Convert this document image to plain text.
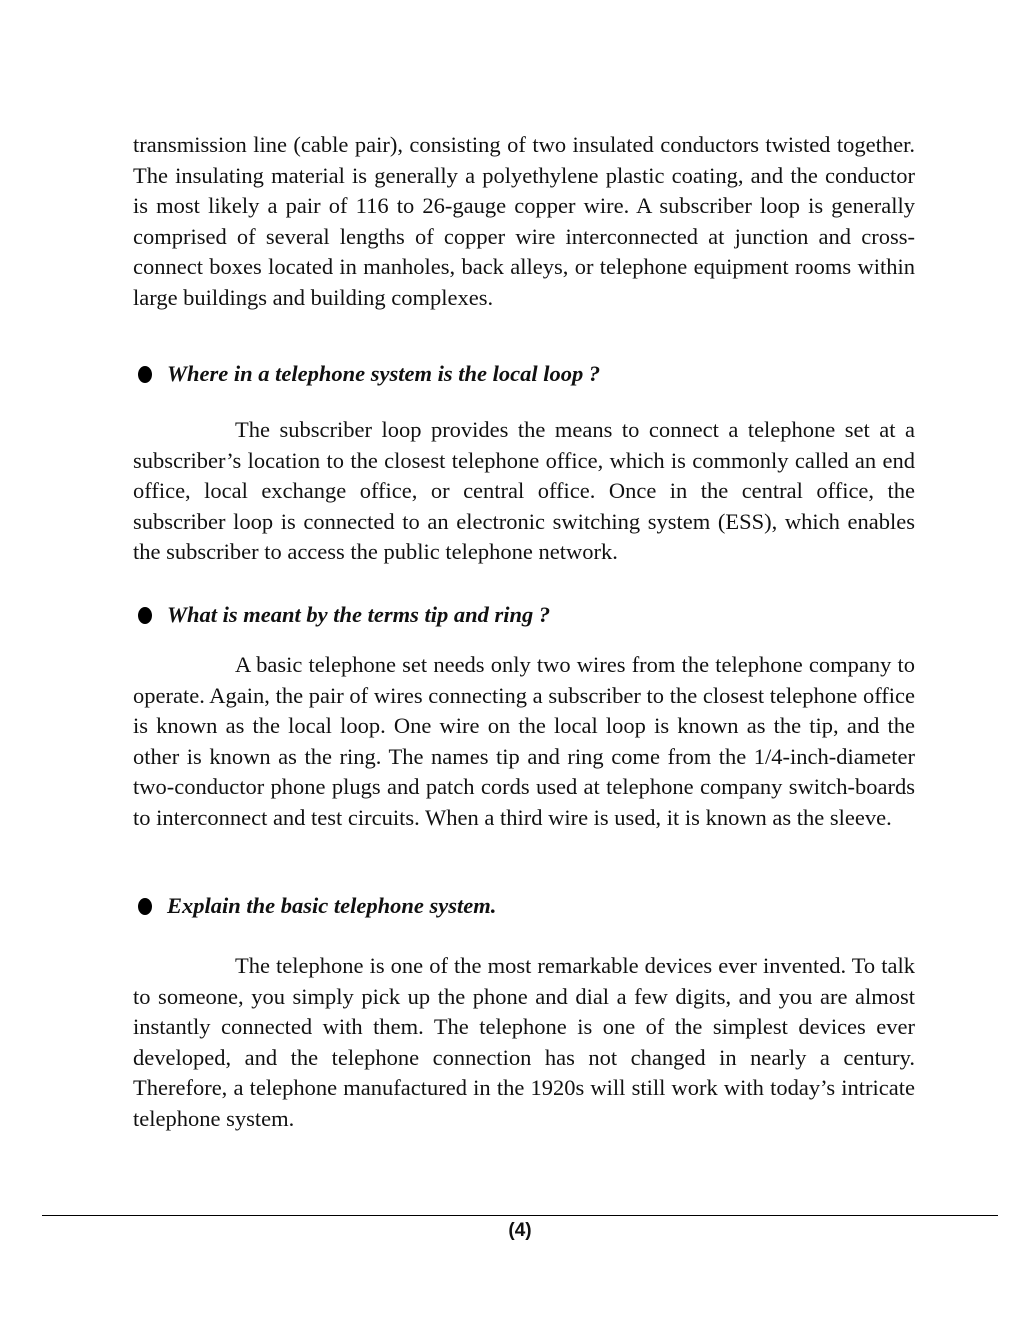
transmission line (cable pair), consisting of two insulated conductors twisted together. The insulating material is generally a polyethylene plastic coating, and the conductor is most likely a pair of 116 to 26-gauge copper wire. A subscriber loop is generally comprised of several lengths of copper wire interconnected at junction and cross-connect boxes located in manholes, back alleys, or telephone equipment rooms within large buildings and building complexes.

Where in a telephone system is the local loop ?

The subscriber loop provides the means to connect a telephone set at a subscriber’s location to the closest telephone office, which is commonly called an end office, local exchange office, or central office. Once in the central office, the subscriber loop is connected to an electronic switching system (ESS), which enables the subscriber to access the public telephone network.

What is meant by the terms tip and ring ?

A basic telephone set needs only two wires from the telephone company to operate. Again, the pair of wires connecting a subscriber to the closest telephone office is known as the local loop. One wire on the local loop is known as the tip, and the other is known as the ring. The names tip and ring come from the 1/4-inch-diameter two-conductor phone plugs and patch cords used at telephone company switch-boards to interconnect and test circuits. When a third wire is used, it is known as the sleeve.

Explain the basic telephone system.

The telephone is one of the most remarkable devices ever invented. To talk to someone, you simply pick up the phone and dial a few digits, and you are almost instantly connected with them. The telephone is one of the simplest devices ever developed, and the telephone connection has not changed in nearly a century. Therefore, a telephone manufactured in the 1920s will still work with today’s intricate telephone system.

(4)
